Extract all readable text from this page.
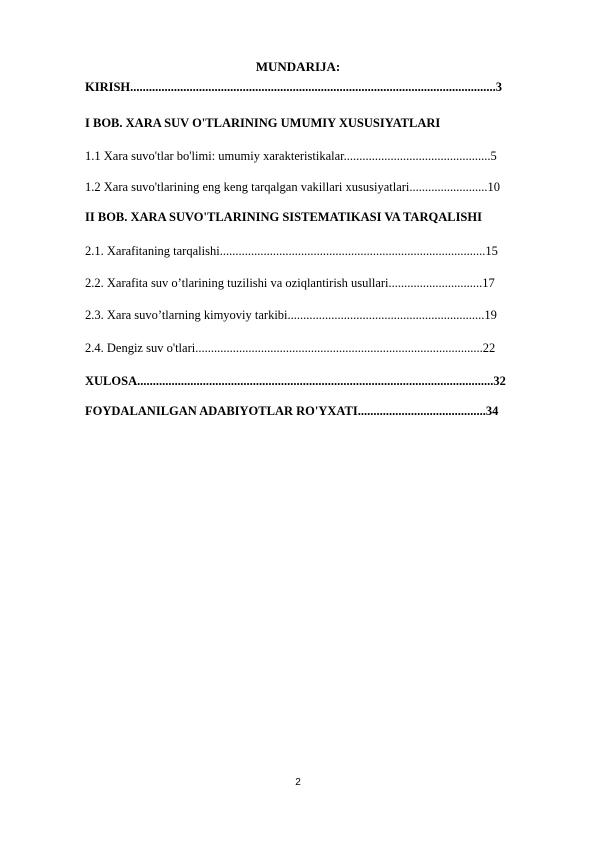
MUNDARIJA:
KIRISH.....................................................................................................................3
I BOB. XARA SUV O'TLARINING UMUMIY XUSUSIYATLARI
1.1 Xara suvo'tlar bo'limi: umumiy xarakteristikalar...............................................5
1.2 Xara suvo'tlarining eng keng tarqalgan vakillari xususiyatlari.........................10
II BOB. XARA SUVO'TLARINING SISTEMATIKASI VA TARQALISHI
2.1. Xarafitaning tarqalishi.....................................................................................15
2.2. Xarafita suv o’tlarining tuzilishi va oziqlantirish usullari..............................17
2.3. Xara suvo’tlarning kimyoviy tarkibi...............................................................19
2.4. Dengiz suv o'tlari............................................................................................22
XULOSA..................................................................................................................32
FOYDALANILGAN ADABIYOTLAR RO'YXATI.........................................34
2
